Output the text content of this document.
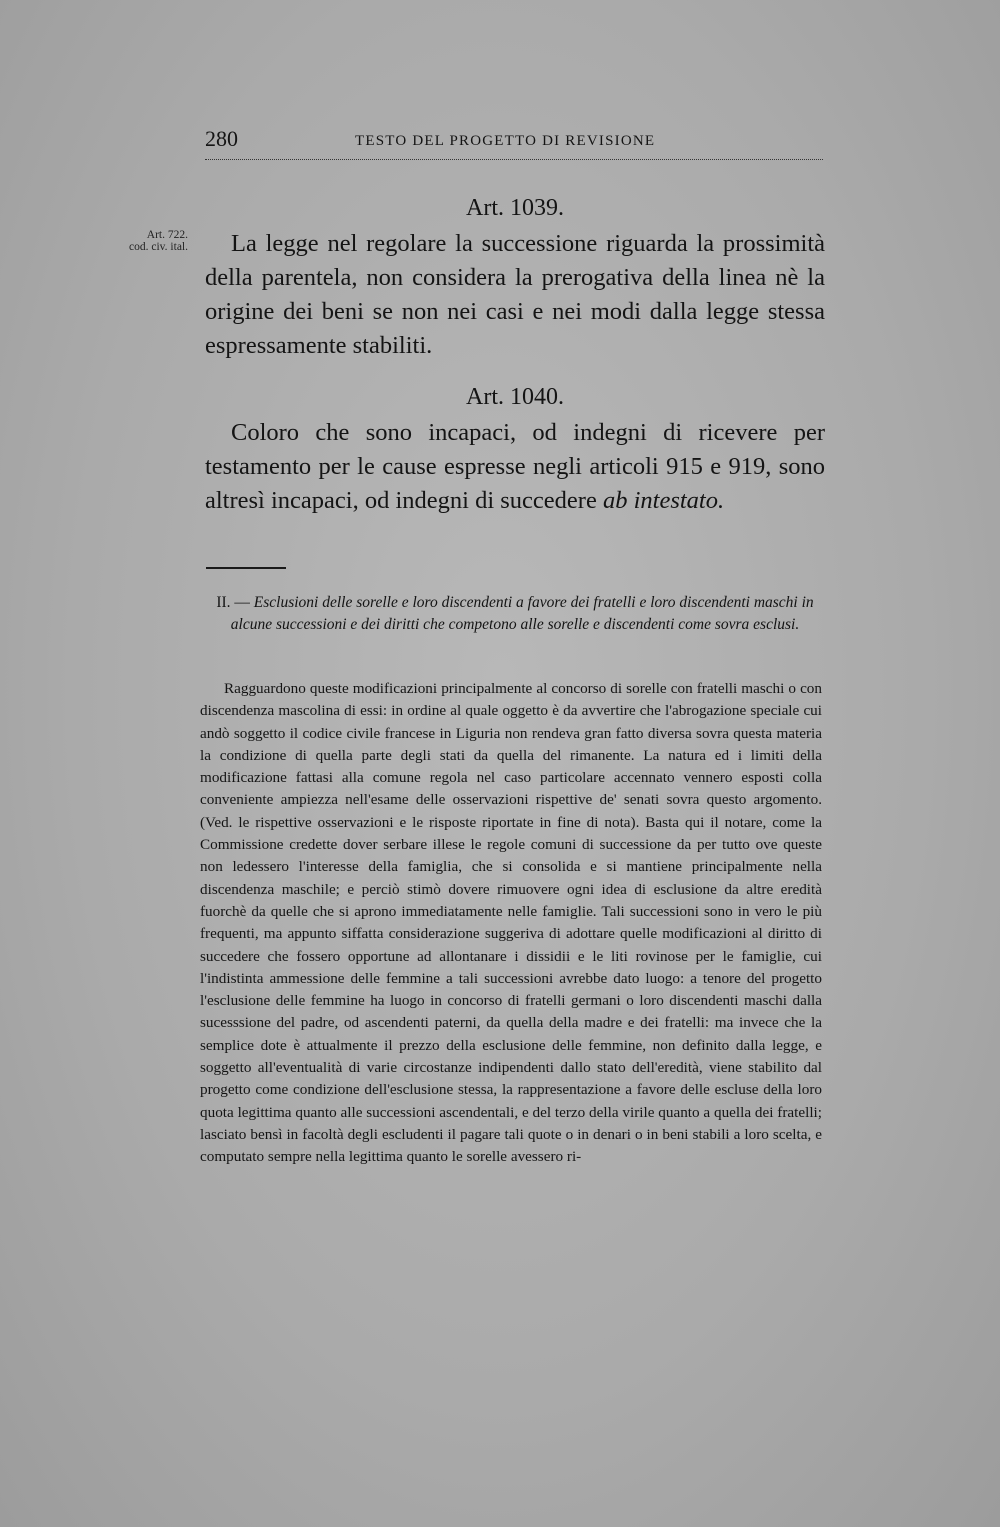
280	TESTO DEL PROGETTO DI REVISIONE
Art. 722.
cod. civ. ital.
Art. 1039.

La legge nel regolare la successione riguarda la prossimità della parentela, non considera la prerogativa della linea nè la origine dei beni se non nei casi e nei modi dalla legge stessa espressamente stabiliti.

Art. 1040.

Coloro che sono incapaci, od indegni di ricevere per testamento per le cause espresse negli articoli 915 e 919, sono altresì incapaci, od indegni di succedere ab intestato.

II. — Esclusioni delle sorelle e loro discendenti a favore dei fratelli e loro discendenti maschi in alcune successioni e dei diritti che competono alle sorelle e discendenti come sovra esclusi.

Ragguardono queste modificazioni principalmente al concorso di sorelle con fratelli maschi o con discendenza mascolina di essi: in ordine al quale oggetto è da avvertire che l'abrogazione speciale cui andò soggetto il codice civile francese in Liguria non rendeva gran fatto diversa sovra questa materia la condizione di quella parte degli stati da quella del rimanente. La natura ed i limiti della modificazione fattasi alla comune regola nel caso particolare accennato vennero esposti colla conveniente ampiezza nell'esame delle osservazioni rispettive de' senati sovra questo argomento. (Ved. le rispettive osservazioni e le risposte riportate in fine di nota). Basta qui il notare, come la Commissione credette dover serbare illese le regole comuni di successione da per tutto ove queste non ledessero l'interesse della famiglia, che si consolida e si mantiene principalmente nella discendenza maschile; e perciò stimò dovere rimuovere ogni idea di esclusione da altre eredità fuorchè da quelle che si aprono immediatamente nelle famiglie. Tali successioni sono in vero le più frequenti, ma appunto siffatta considerazione suggeriva di adottare quelle modificazioni al diritto di succedere che fossero opportune ad allontanare i dissidii e le liti rovinose per le famiglie, cui l'indistinta ammessione delle femmine a tali successioni avrebbe dato luogo: a tenore del progetto l'esclusione delle femmine ha luogo in concorso di fratelli germani o loro discendenti maschi dalla sucesssione del padre, od ascendenti paterni, da quella della madre e dei fratelli: ma invece che la semplice dote è attualmente il prezzo della esclusione delle femmine, non definito dalla legge, e soggetto all'eventualità di varie circostanze indipendenti dallo stato dell'eredità, viene stabilito dal progetto come condizione dell'esclusione stessa, la rappresentazione a favore delle escluse della loro quota legittima quanto alle successioni ascendentali, e del terzo della virile quanto a quella dei fratelli; lasciato bensì in facoltà degli escludenti il pagare tali quote o in denari o in beni stabili a loro scelta, e computato sempre nella legittima quanto le sorelle avessero ri-
